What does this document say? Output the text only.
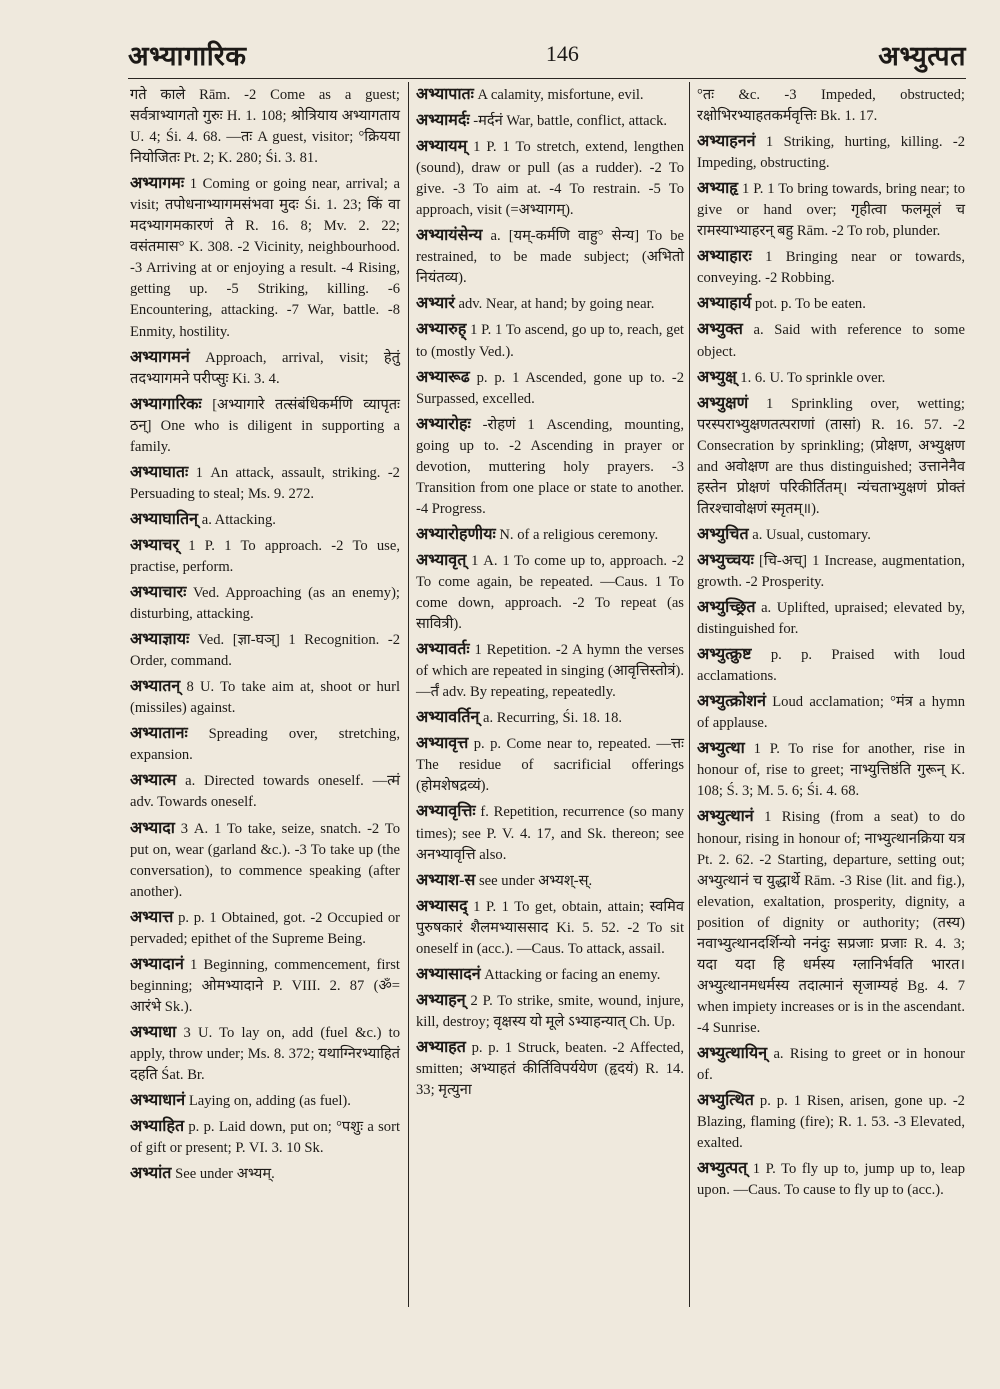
अभ्यागारिक	146	अभ्युत्पत

गते काले Rām. -2 Come as a guest; सर्वत्राभ्यागतो गुरुः H. 1. 108; श्रोत्रियाय अभ्यागताय U. 4; Śi. 4. 68. —तः A guest, visitor; °क्रियया नियोजितः Pt. 2; K. 280; Śi. 3. 81.

अभ्यागमः 1 Coming or going near, arrival; a visit; तपोधनाभ्यागमसंभवा मुदः Śi. 1. 23; किं वा मदभ्यागमकारणं ते R. 16. 8; Mv. 2. 22; वसंतमास° K. 308. -2 Vicinity, neighbourhood. -3 Arriving at or enjoying a result. -4 Rising, getting up. -5 Striking, killing. -6 Encountering, attacking. -7 War, battle. -8 Enmity, hostility.

अभ्यागमनं Approach, arrival, visit; हेतुं तदभ्यागमने परीप्सुः Ki. 3. 4.

अभ्यागारिकः [अभ्यागारे तत्संबंधिकर्मणि व्यापृतः ठन्] One who is diligent in supporting a family.

अभ्याघातः 1 An attack, assault, striking. -2 Persuading to steal; Ms. 9. 272.

अभ्याघातिन् a. Attacking.

अभ्याचर् 1 P. 1 To approach. -2 To use, practise, perform.

अभ्याचारः Ved. Approaching (as an enemy); disturbing, attacking.

अभ्याज्ञायः Ved. [ज्ञा-घञ्] 1 Recognition. -2 Order, command.

अभ्यातन् 8 U. To take aim at, shoot or hurl (missiles) against.

अभ्यातानः Spreading over, stretching, expansion.

अभ्यात्म a. Directed towards oneself. —त्मं adv. Towards oneself.

अभ्यादा 3 A. 1 To take, seize, snatch. -2 To put on, wear (garland &c.). -3 To take up (the conversation), to commence speaking (after another).

अभ्यात्त p. p. 1 Obtained, got. -2 Occupied or pervaded; epithet of the Supreme Being.

अभ्यादानं 1 Beginning, commencement, first beginning; ओमभ्यादाने P. VIII. 2. 87 (ॐ= आरंभे Sk.).

अभ्याधा 3 U. To lay on, add (fuel &c.) to apply, throw under; Ms. 8. 372; यथाग्निरभ्याहितं दहति Śat. Br.

अभ्याधानं Laying on, adding (as fuel).

अभ्याहित p. p. Laid down, put on; °पशुः a sort of gift or present; P. VI. 3. 10 Sk.

अभ्यांत See under अभ्यम्.

अभ्यापातः A calamity, misfortune, evil.

अभ्यामर्दः -मर्दनं War, battle, conflict, attack.

अभ्यायम् 1 P. 1 To stretch, extend, lengthen (sound), draw or pull (as a rudder). -2 To give. -3 To aim at. -4 To restrain. -5 To approach, visit (=अभ्यागम्).

अभ्यायंसेन्य a. [यम्-कर्मणि वाहु° सेन्य] To be restrained, to be made subject; (अभितो नियंतव्य).

अभ्यारं adv. Near, at hand; by going near.

अभ्यारुह् 1 P. 1 To ascend, go up to, reach, get to (mostly Ved.).

अभ्यारूढ p. p. 1 Ascended, gone up to. -2 Surpassed, excelled.

अभ्यारोहः -रोहणं 1 Ascending, mounting, going up to. -2 Ascending in prayer or devotion, muttering holy prayers. -3 Transition from one place or state to another. -4 Progress.

अभ्यारोहणीयः N. of a religious ceremony.

अभ्यावृत् 1 A. 1 To come up to, approach. -2 To come again, be repeated. —Caus. 1 To come down, approach. -2 To repeat (as सावित्री).

अभ्यावर्तः 1 Repetition. -2 A hymn the verses of which are repeated in singing (आवृत्तिस्तोत्रं). —र्तं adv. By repeating, repeatedly.

अभ्यावर्तिन् a. Recurring, Śi. 18. 18.

अभ्यावृत्त p. p. Come near to, repeated. —त्तः The residue of sacrificial offerings (होमशेषद्रव्यं).

अभ्यावृत्तिः f. Repetition, recurrence (so many times); see P. V. 4. 17, and Sk. thereon; see अनभ्यावृत्ति also.

अभ्याश-स see under अभ्यश्-स्.

अभ्यासद् 1 P. 1 To get, obtain, attain; स्वमिव पुरुषकारं शैलमभ्याससाद Ki. 5. 52. -2 To sit oneself in (acc.). —Caus. To attack, assail.

अभ्यासादनं Attacking or facing an enemy.

अभ्याहन् 2 P. To strike, smite, wound, injure, kill, destroy; वृक्षस्य यो मूले ऽभ्याहन्यात् Ch. Up.

अभ्याहत p. p. 1 Struck, beaten. -2 Affected, smitten; अभ्याहतं कीर्तिविपर्ययेण (हृदयं) R. 14. 33; मृत्युना

°तः &c. -3 Impeded, obstructed; रक्षोभिरभ्याहतकर्मवृत्तिः Bk. 1. 17.

अभ्याहननं 1 Striking, hurting, killing. -2 Impeding, obstructing.

अभ्याहृ 1 P. 1 To bring towards, bring near; to give or hand over; गृहीत्वा फलमूलं च रामस्याभ्याहरन् बहु Rām. -2 To rob, plunder.

अभ्याहारः 1 Bringing near or towards, conveying. -2 Robbing.

अभ्याहार्य pot. p. To be eaten.

अभ्युक्त a. Said with reference to some object.

अभ्युक्ष् 1. 6. U. To sprinkle over.

अभ्युक्षणं 1 Sprinkling over, wetting; परस्पराभ्युक्षणतत्पराणां (तासां) R. 16. 57. -2 Consecration by sprinkling; (प्रोक्षण, अभ्युक्षण and अवोक्षण are thus distinguished; उत्तानेनैव हस्तेन प्रोक्षणं परिकीर्तितम्। न्यंचताभ्युक्षणं प्रोक्तं तिरश्चावोक्षणं स्मृतम्॥).

अभ्युचित a. Usual, customary.

अभ्युच्चयः [चि-अच्] 1 Increase, augmentation, growth. -2 Prosperity.

अभ्युच्छ्रित a. Uplifted, upraised; elevated by, distinguished for.

अभ्युत्क्रुष्ट p. p. Praised with loud acclamations.

अभ्युत्क्रोशनं Loud acclamation; °मंत्र a hymn of applause.

अभ्युत्था 1 P. To rise for another, rise in honour of, rise to greet; नाभ्युत्तिष्ठंति गुरून् K. 108; Ś. 3; M. 5. 6; Śi. 4. 68.

अभ्युत्थानं 1 Rising (from a seat) to do honour, rising in honour of; नाभ्युत्थानक्रिया यत्र Pt. 2. 62. -2 Starting, departure, setting out; अभ्युत्थानं च युद्धार्थे Rām. -3 Rise (lit. and fig.), elevation, exaltation, prosperity, dignity, a position of dignity or authority; (तस्य) नवाभ्युत्थानदर्शिन्यो ननंदुः सप्रजाः प्रजाः R. 4. 3; यदा यदा हि धर्मस्य ग्लानिर्भवति भारत। अभ्युत्थानमधर्मस्य तदात्मानं सृजाम्यहं Bg. 4. 7 when impiety increases or is in the ascendant. -4 Sunrise.

अभ्युत्थायिन् a. Rising to greet or in honour of.

अभ्युत्थित p. p. 1 Risen, arisen, gone up. -2 Blazing, flaming (fire); R. 1. 53. -3 Elevated, exalted.

अभ्युत्पत् 1 P. To fly up to, jump up to, leap upon. —Caus. To cause to fly up to (acc.).
